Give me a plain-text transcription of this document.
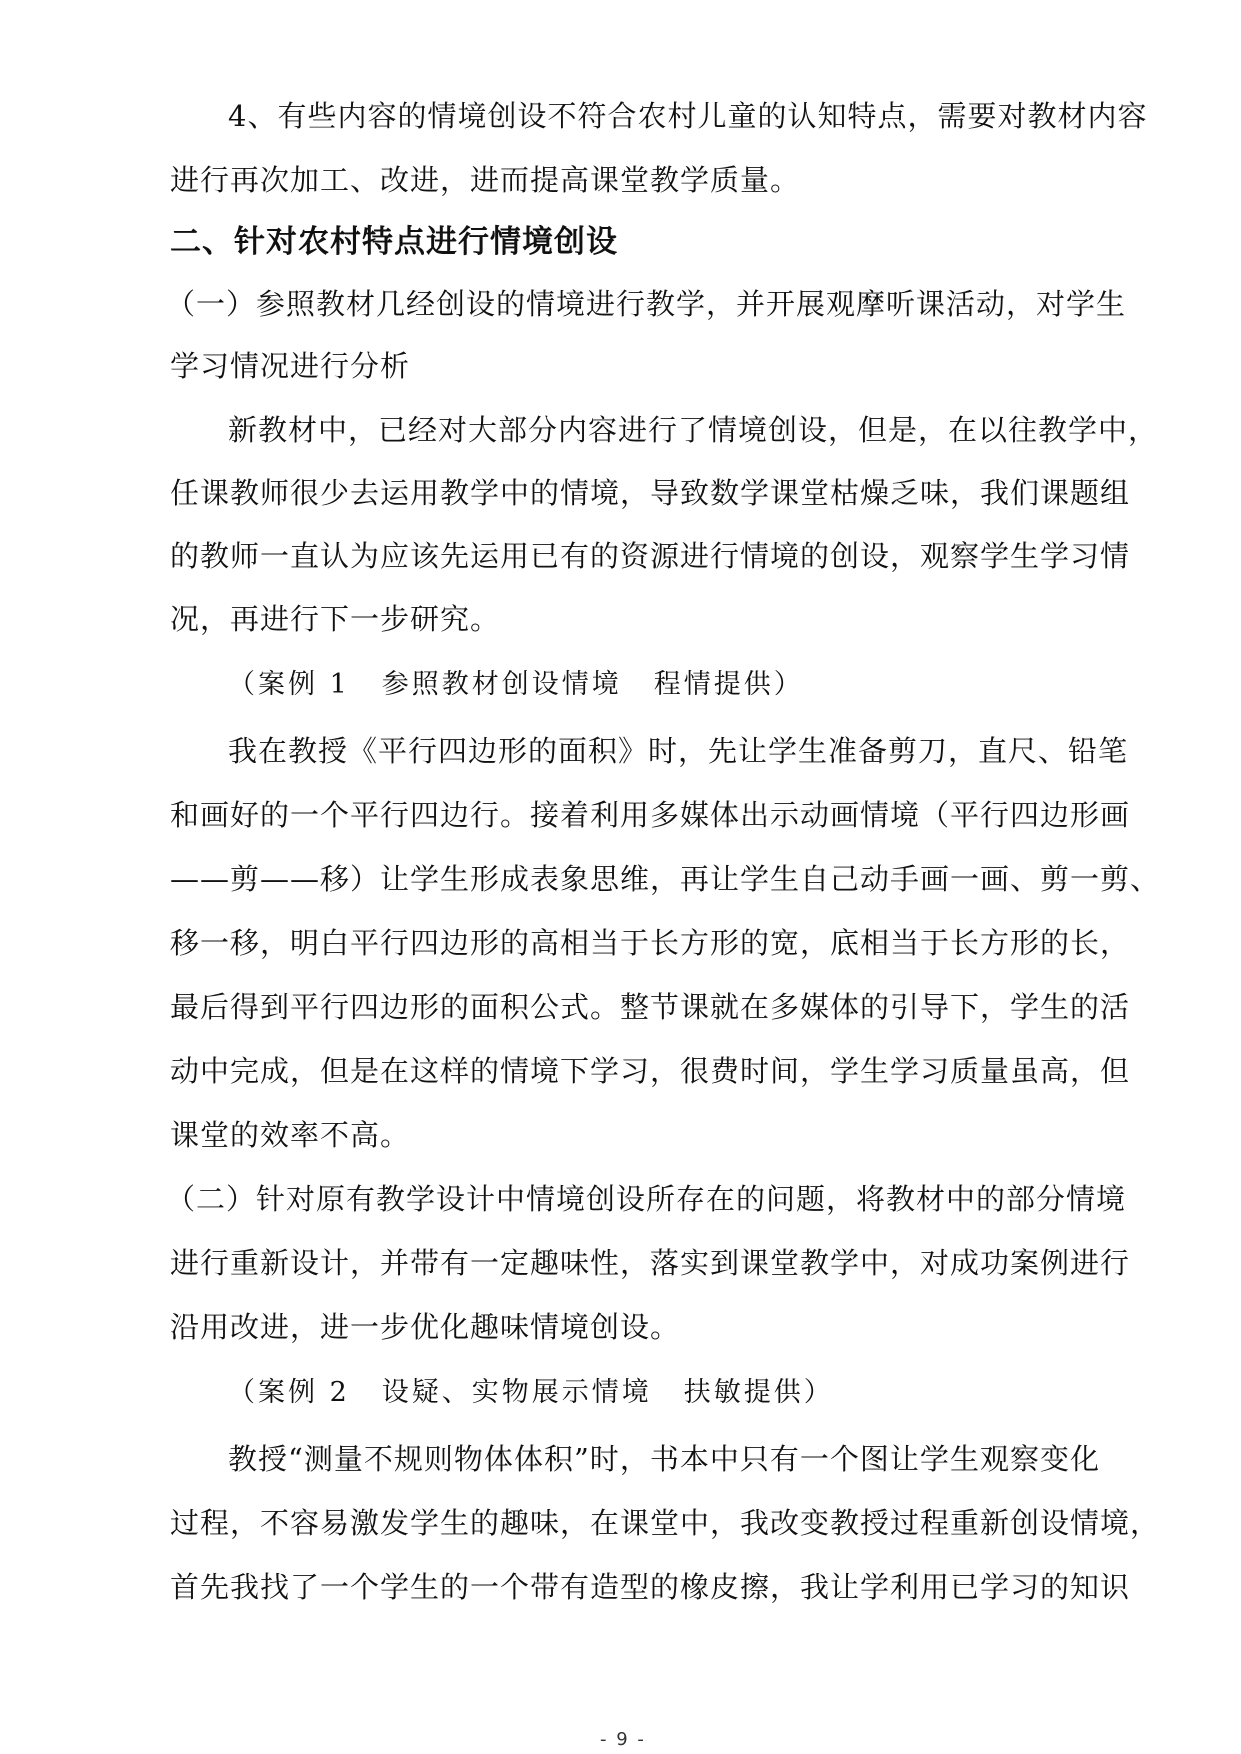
4、有些内容的情境创设不符合农村儿童的认知特点，需要对教材内容
进行再次加工、改进，进而提高课堂教学质量。
二、针对农村特点进行情境创设
（一）参照教材几经创设的情境进行教学，并开展观摩听课活动，对学生
学习情况进行分析
新教材中，已经对大部分内容进行了情境创设，但是，在以往教学中，
任课教师很少去运用教学中的情境，导致数学课堂枯燥乏味，我们课题组
的教师一直认为应该先运用已有的资源进行情境的创设，观察学生学习情
况，再进行下一步研究。
（案例 1 参照教材创设情境 程情提供）
我在教授《平行四边形的面积》时，先让学生准备剪刀，直尺、铅笔
和画好的一个平行四边行。接着利用多媒体出示动画情境（平行四边形画
——剪——移）让学生形成表象思维，再让学生自己动手画一画、剪一剪、
移一移，明白平行四边形的高相当于长方形的宽，底相当于长方形的长，
最后得到平行四边形的面积公式。整节课就在多媒体的引导下，学生的活
动中完成，但是在这样的情境下学习，很费时间，学生学习质量虽高，但
课堂的效率不高。
（二）针对原有教学设计中情境创设所存在的问题，将教材中的部分情境
进行重新设计，并带有一定趣味性，落实到课堂教学中，对成功案例进行
沿用改进，进一步优化趣味情境创设。
（案例 2 设疑、实物展示情境 扶敏提供）
教授“测量不规则物体体积”时，书本中只有一个图让学生观察变化
过程，不容易激发学生的趣味，在课堂中，我改变教授过程重新创设情境，
首先我找了一个学生的一个带有造型的橡皮擦，我让学利用已学习的知识
- 9 -
